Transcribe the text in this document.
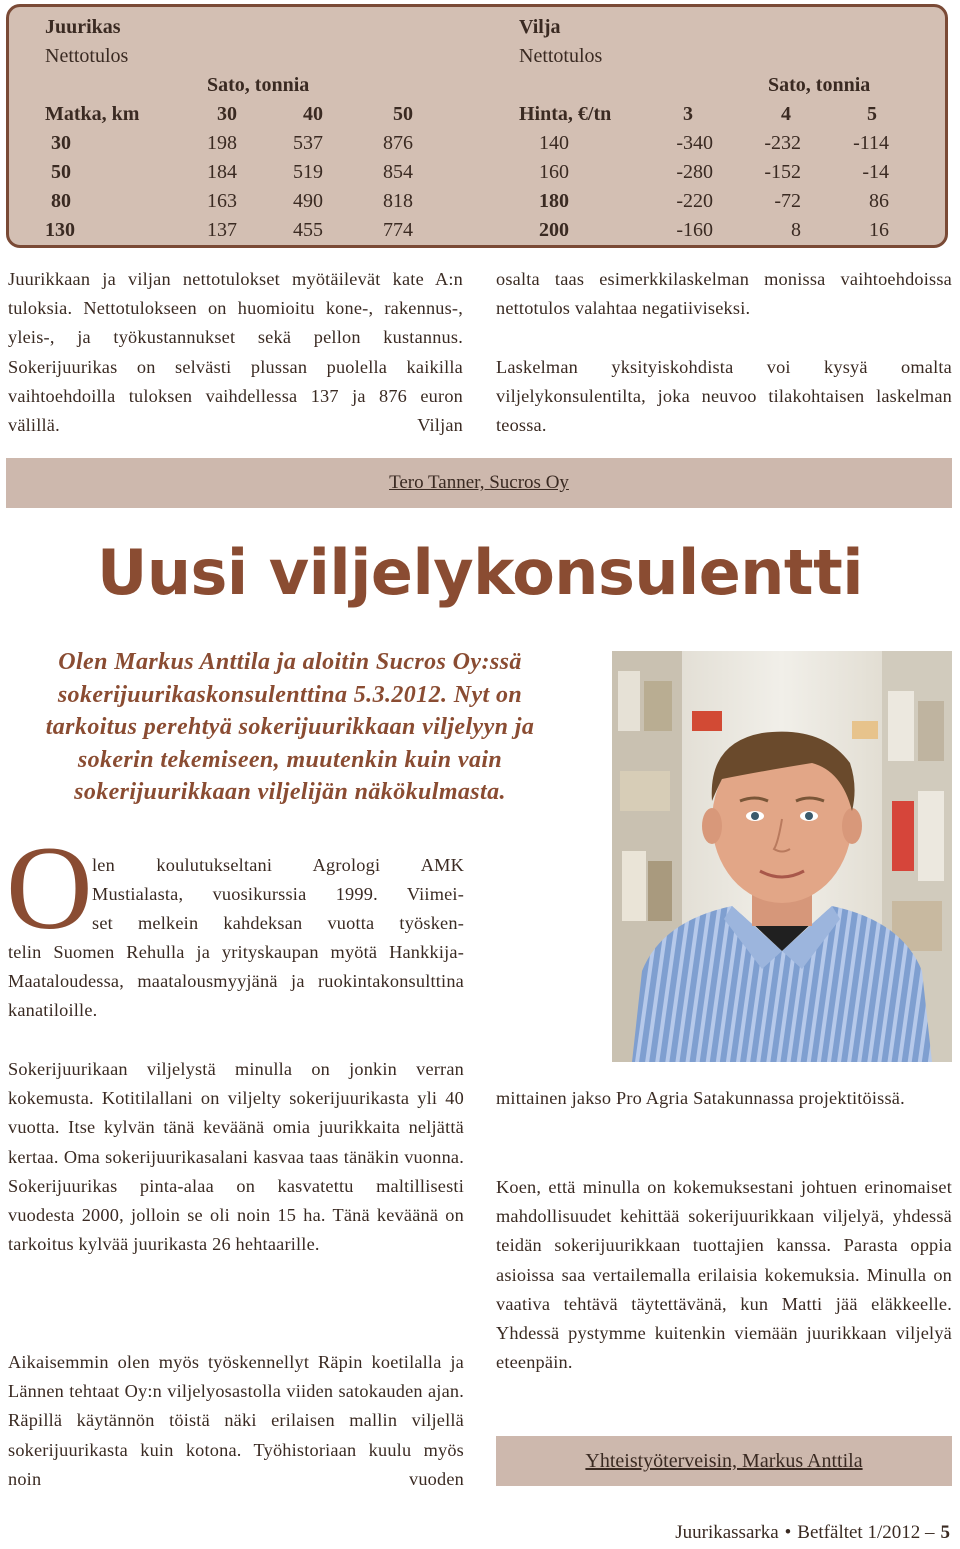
Juurikas
Nettotulos
Sato, tonnia
Matka, km	30	40	50
30	198	537	876
50	184	519	854
80	163	490	818
130	137	455	774
Vilja
Nettotulos
Sato, tonnia
Hinta, €/tn	3	4	5
140	-340	-232	-114
160	-280	-152	-14
180	-220	-72	86
200	-160	8	16
Juurikkaan ja viljan nettotulokset myötäilevät kate A:n tuloksia. Nettotulokseen on huomioitu kone-, rakennus-, yleis-, ja työkustannukset sekä pellon kustannus. Sokerijuurikas on selvästi plussan puolella kaikilla vaihtoehdoilla tuloksen vaihdellessa 137 ja 876 euron välillä. Viljan
osalta taas esimerkkilaskelman monissa vaihtoehdoissa nettotulos valahtaa negatiiviseksi.
Laskelman yksityiskohdista voi kysyä omalta viljelykonsulentilta, joka neuvoo tilakohtaisen laskelman teossa.
Tero Tanner, Sucros Oy
Uusi viljelykonsulentti
Olen Markus Anttila ja aloitin Sucros Oy:ssä sokerijuurikaskonsulenttina 5.3.2012. Nyt on tarkoitus perehtyä sokerijuurikkaan viljelyyn ja sokerin tekemiseen, muutenkin kuin vain sokerijuurikkaan viljelijän näkökulmasta.
O len koulutukseltani Agrologi AMK
Mustialasta, vuosikurssia 1999. Viimei-
set melkein kahdeksan vuotta työsken-
telin Suomen Rehulla ja yrityskaupan myötä Hankkija-Maataloudessa, maatalousmyyjänä ja ruokintakonsulttina kanatiloille.
Sokerijuurikaan viljelystä minulla on jonkin verran kokemusta. Kotitilallani on viljelty sokerijuurikasta yli 40 vuotta. Itse kylvän tänä keväänä omia juurikkaita neljättä kertaa. Oma sokerijuurikasalani kasvaa taas tänäkin vuonna. Sokerijuurikas pinta-alaa on kasvatettu maltillisesti vuodesta 2000, jolloin se oli noin 15 ha. Tänä keväänä on tarkoitus kylvää juurikasta 26 hehtaarille.
Aikaisemmin olen myös työskennellyt Räpin koetilalla ja Lännen tehtaat Oy:n viljelyosastolla viiden satokauden ajan. Räpillä käytännön töistä näki erilaisen mallin viljellä sokerijuurikasta kuin kotona. Työhistoriaan kuulu myös noin vuoden
mittainen jakso Pro Agria Satakunnassa projektitöissä.
Koen, että minulla on kokemuksestani johtuen erinomaiset mahdollisuudet kehittää sokerijuurikkaan viljelyä, yhdessä teidän sokerijuurikkaan tuottajien kanssa. Parasta oppia asioissa saa vertailemalla erilaisia kokemuksia. Minulla on vaativa tehtävä täytettävänä, kun Matti jää eläkkeelle. Yhdessä pystymme kuitenkin viemään juurikkaan viljelyä eteenpäin.
Yhteistyöterveisin, Markus Anttila
Juurikassarka • Betfältet 1/2012 – 5
